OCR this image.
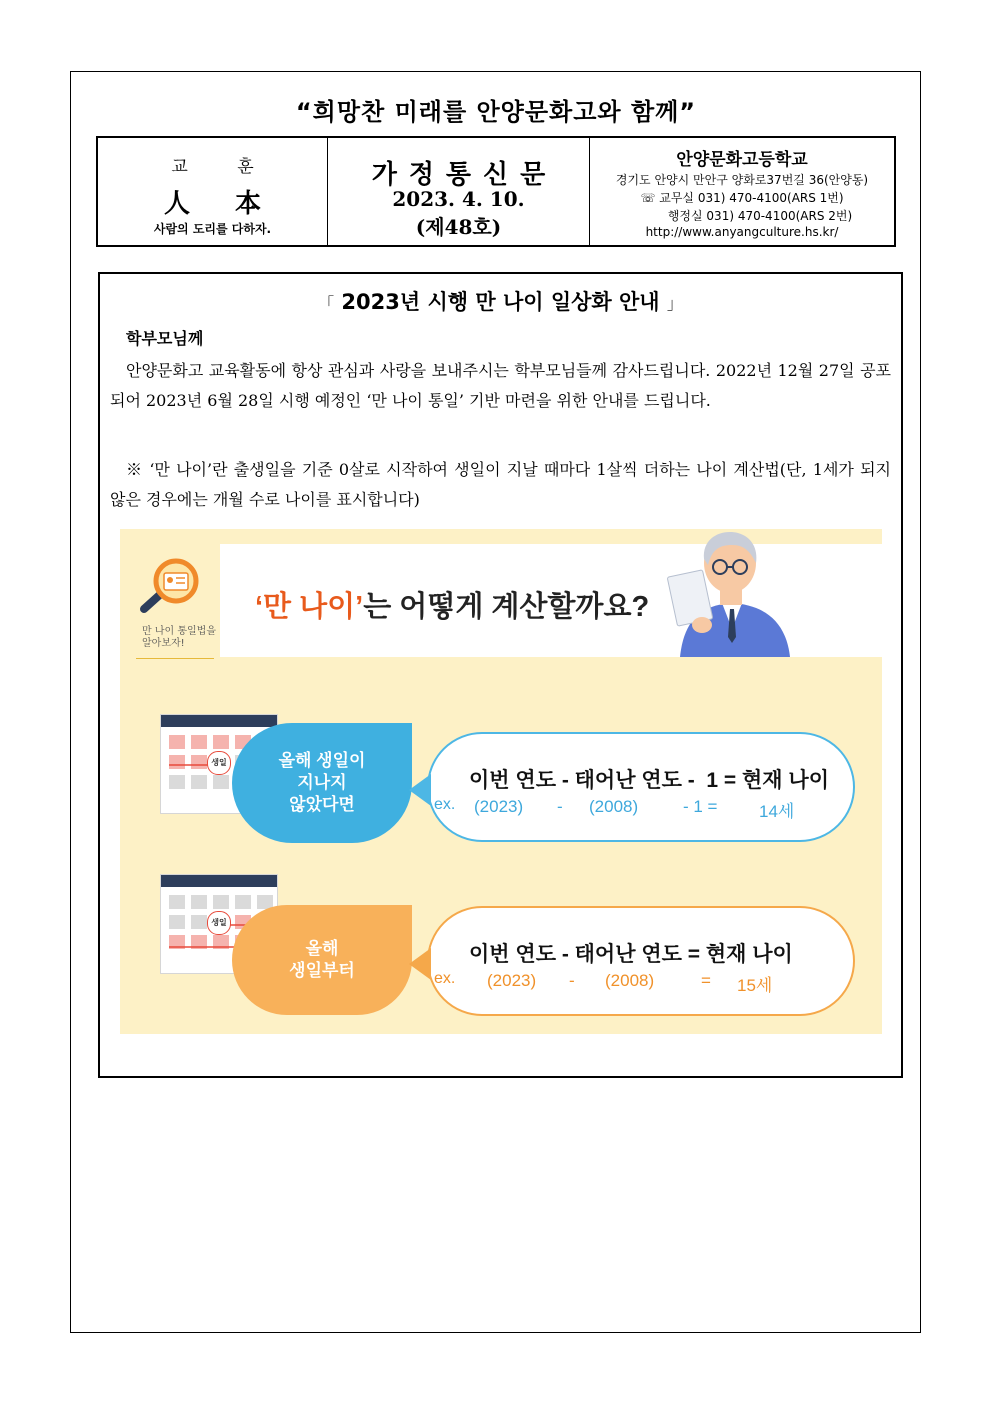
“희망찬 미래를 안양문화고와 함께”
교 훈
人 本
사람의 도리를 다하자.
가정통신문
2023. 4. 10.
(제48호)
안양문화고등학교
경기도 안양시 만안구 양화로37번길 36(안양동)
☏ 교무실 031) 470-4100(ARS 1번)
행정실 031) 470-4100(ARS 2번)
http://www.anyangculture.hs.kr/
「 2023년 시행 만 나이 일상화 안내 」
학부모님께
안양문화고 교육활동에 항상 관심과 사랑을 보내주시는 학부모님들께 감사드립니다. 2022년 12월 27일 공포되어 2023년 6월 28일 시행 예정인 ‘만 나이 통일’ 기반 마련을 위한 안내를 드립니다.
※ ‘만 나이’란 출생일을 기준 0살로 시작하여 생일이 지날 때마다 1살씩 더하는 나이 계산법(단, 1세가 되지 않은 경우에는 개월 수로 나이를 표시합니다)
만 나이 통일법을
알아보자!
‘만 나이’는 어떻게 계산할까요?
생일
생일
올해 생일이
지나지
않았다면
이번 연도 - 태어난 연도 -  1 = 현재 나이
ex. (2023) - (2008)	- 1 = 14세
올해
생일부터
이번 연도 - 태어난 연도 = 현재 나이
ex. (2023) - (2008)	= 15세
